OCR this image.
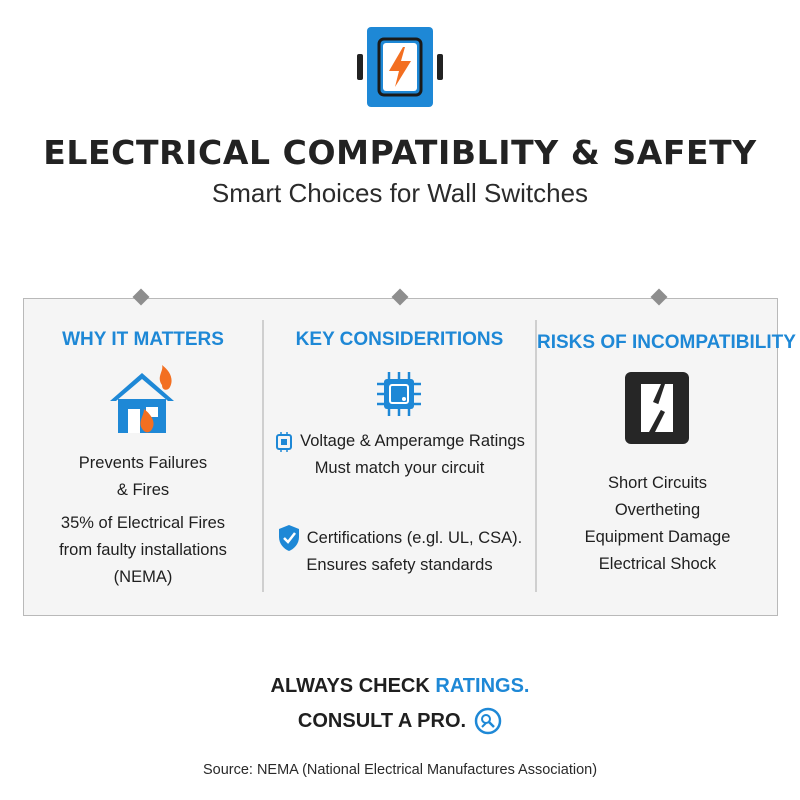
ELECTRICAL COMPATIBLITY & SAFETY
Smart Choices for Wall Switches
WHY IT MATTERS
Prevents Failures
& Fires
35% of Electrical Fires
from faulty installations
(NEMA)
KEY CONSIDERITIONS
Voltage & Amperamge Ratings
Must match your circuit
Certifications (e.gl. UL, CSA).
Ensures safety standards
RISKS OF INCOMPATIBILITY
Short Circuits
Overtheting
Equipment Damage
Electrical Shock
ALWAYS CHECK RATINGS.
CONSULT A PRO.
Source: NEMA (National Electrical Manufactures Association)
